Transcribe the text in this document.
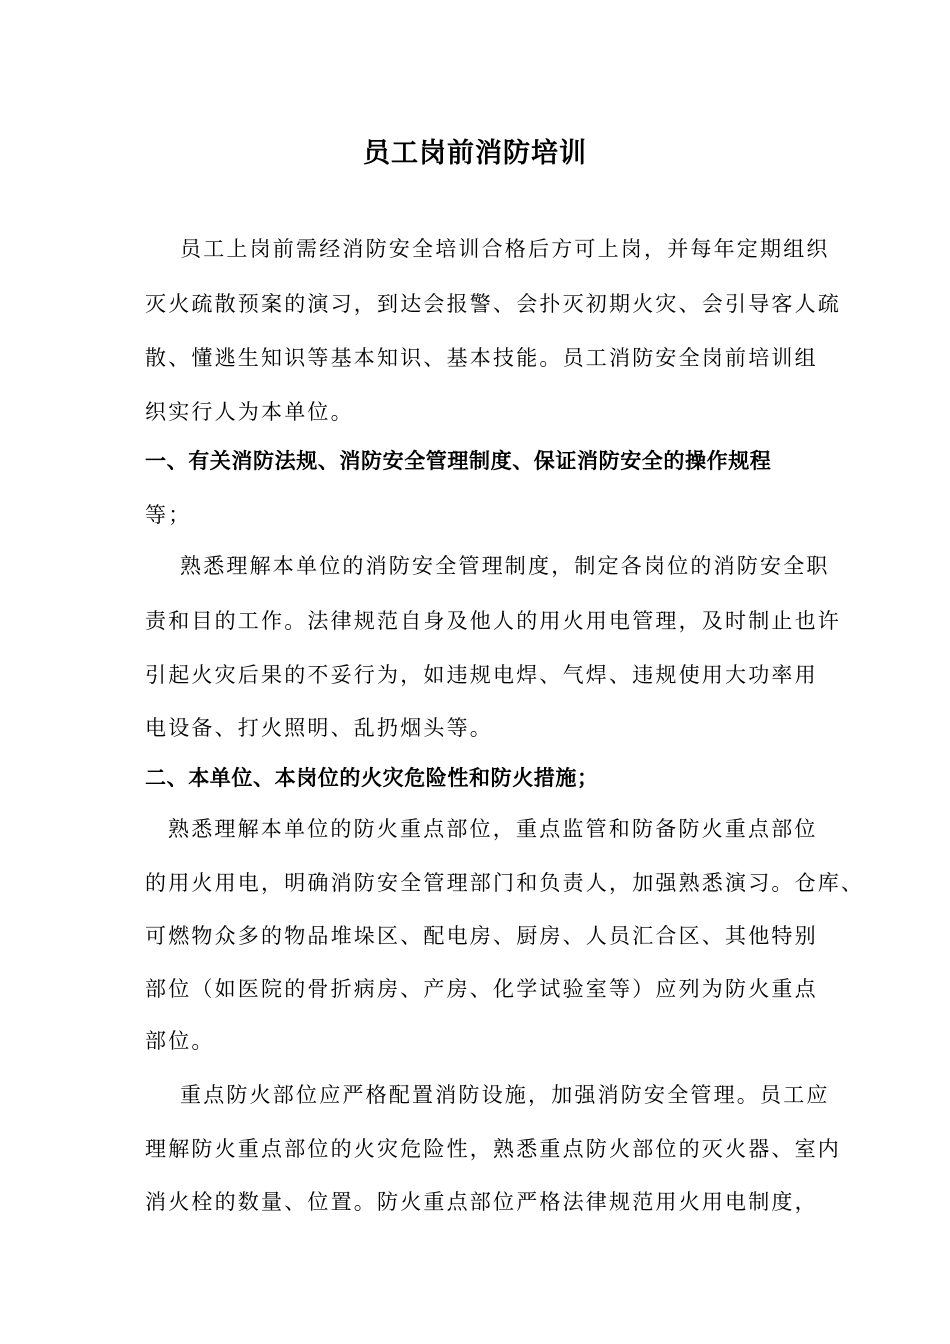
员工岗前消防培训
员工上岗前需经消防安全培训合格后方可上岗，并每年定期组织
灭火疏散预案的演习，到达会报警、会扑灭初期火灾、会引导客人疏
散、懂逃生知识等基本知识、基本技能。员工消防安全岗前培训组
织实行人为本单位。
一、有关消防法规、消防安全管理制度、保证消防安全的操作规程
等；
熟悉理解本单位的消防安全管理制度，制定各岗位的消防安全职
责和目的工作。法律规范自身及他人的用火用电管理，及时制止也许
引起火灾后果的不妥行为，如违规电焊、气焊、违规使用大功率用
电设备、打火照明、乱扔烟头等。
二、本单位、本岗位的火灾危险性和防火措施；
熟悉理解本单位的防火重点部位，重点监管和防备防火重点部位
的用火用电，明确消防安全管理部门和负责人，加强熟悉演习。仓库、
可燃物众多的物品堆垛区、配电房、厨房、人员汇合区、其他特别
部位（如医院的骨折病房、产房、化学试验室等）应列为防火重点
部位。
重点防火部位应严格配置消防设施，加强消防安全管理。员工应
理解防火重点部位的火灾危险性，熟悉重点防火部位的灭火器、室内
消火栓的数量、位置。防火重点部位严格法律规范用火用电制度，
